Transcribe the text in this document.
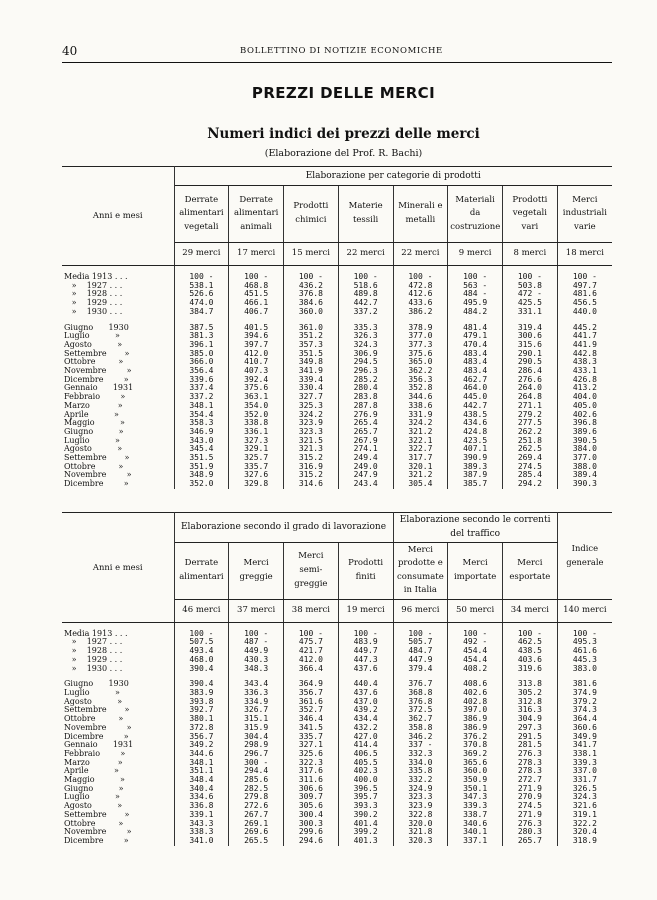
40	BOLLETTINO DI NOTIZIE ECONOMICHE
PREZZI DELLE MERCI
Numeri indici dei prezzi delle merci
(Elaborazione del Prof. R. Bachi)
Anni e mesi	Elaborazione per categorie di prodotti							
	Derrate alimentari vegetali	Derrate alimentari animali	Prodotti chimici	Materie tessili	Minerali e metalli	Materiali da costruzione	Prodotti vegetali vari	Merci industriali varie
	29 merci	17 merci	15 merci	22 merci	22 merci	9 merci	8 merci	18 merci

Media 1913 . . .	100 -	100 -	100 -	100 -	100 -	100 -	100 -	100 -
»    1927 . . .	538.1	468.8	436.2	518.6	472.8	563 -	503.8	497.7
»    1928 . . .	526.6	451.5	376.8	489.8	412.6	484 -	472 -	481.6
»    1929 . . .	474.0	466.1	384.6	442.7	433.6	495.9	425.5	456.5
»    1930 . . .	384.7	406.7	360.0	337.2	386.2	484.2	331.1	440.0

Giugno      1930	387.5	401.5	361.0	335.3	378.9	481.4	319.4	445.2
Luglio          »	381.3	394.6	351.2	326.3	377.0	479.1	300.6	441.7
Agosto          »	396.1	397.7	357.3	324.3	377.3	470.4	315.6	441.9
Settembre       »	385.0	412.0	351.5	306.9	375.6	483.4	290.1	442.8
Ottobre         »	366.0	410.7	349.8	294.5	365.0	483.4	290.5	438.3
Novembre        »	356.4	407.3	341.9	296.3	362.2	483.4	286.4	433.1
Dicembre        »	339.6	392.4	339.4	285.2	356.3	462.7	276.6	426.8
Gennaio      1931	337.4	375.6	330.4	280.4	352.8	464.0	264.0	413.2
Febbraio        »	337.2	363.1	327.7	283.8	344.6	445.0	264.8	404.0
Marzo           »	348.1	354.0	325.3	287.8	338.6	442.7	271.1	405.0
Aprile          »	354.4	352.0	324.2	276.9	331.9	438.5	279.2	402.6
Maggio          »	358.3	338.8	323.9	265.4	324.2	434.6	277.5	396.8
Giugno          »	346.9	336.1	323.3	265.7	321.2	424.8	262.2	389.6
Luglio          »	343.0	327.3	321.5	267.9	322.1	423.5	251.8	390.5
Agosto          »	345.4	329.1	321.3	274.1	322.7	407.1	262.5	384.0
Settembre       »	351.5	325.7	315.2	249.4	317.7	390.9	269.4	377.0
Ottobre         »	351.9	335.7	316.9	249.0	320.1	389.3	274.5	388.0
Novembre        »	348.9	327.6	315.2	247.9	321.2	387.9	285.4	389.4
Dicembre        »	352.0	329.8	314.6	243.4	305.4	385.7	294.2	390.3
Anni e mesi	Elaborazione secondo il grado di lavorazione				Elaborazione secondo le correnti del traffico			Indice generale
	Derrate alimentari	Merci greggie	Merci semi- greggie	Prodotti finiti	Merci prodotte e consumate in Italia	Merci importate	Merci esportate	
	46 merci	37 merci	38 merci	19 merci	96 merci	50 merci	34 merci	140 merci

Media 1913 . . .	100 -	100 -	100 -	100 -	100 -	100 -	100 -	100 -
»    1927 . . .	507.5	487 -	475.7	483.9	505.7	492 -	462.5	495.3
»    1928 . . .	493.4	449.9	421.7	449.7	484.7	454.4	438.5	461.6
»    1929 . . .	468.0	430.3	412.0	447.3	447.9	454.4	403.6	445.3
»    1930 . . .	390.4	348.3	366.4	437.6	379.4	408.2	319.6	383.0

Giugno      1930	390.4	343.4	364.9	440.4	376.7	408.6	313.8	381.6
Luglio          »	383.9	336.3	356.7	437.6	368.8	402.6	305.2	374.9
Agosto          »	393.8	334.9	361.6	437.0	376.8	402.8	312.8	379.2
Settembre       »	392.7	326.7	352.7	439.2	372.5	397.0	316.3	374.3
Ottobre         »	380.1	315.1	346.4	434.4	362.7	386.9	304.9	364.4
Novembre        »	372.8	315.9	341.5	432.2	358.8	386.9	297.3	360.6
Dicembre        »	356.7	304.4	335.7	427.0	346.2	376.2	291.5	349.9
Gennaio      1931	349.2	298.9	327.1	414.4	337 -	370.8	281.5	341.7
Febbraio        »	344.6	296.7	325.6	406.5	332.3	369.2	276.3	338.1
Marzo           »	348.1	300 -	322.3	405.5	334.0	365.6	278.3	339.3
Aprile          »	351.1	294.4	317.6	402.3	335.8	360.0	278.3	337.0
Maggio          »	348.4	285.6	311.6	400.0	332.2	350.9	272.7	331.7
Giugno          »	340.4	282.5	306.6	396.5	324.9	350.1	271.9	326.5
Luglio          »	334.6	279.8	309.7	395.7	323.3	347.3	270.9	324.3
Agosto          »	336.8	272.6	305.6	393.3	323.9	339.3	274.5	321.6
Settembre       »	339.1	267.7	300.4	390.2	322.8	338.7	271.9	319.1
Ottobre         »	343.3	269.1	300.3	401.4	320.0	340.6	276.3	322.2
Novembre        »	338.3	269.6	299.6	399.2	321.8	340.1	280.3	320.4
Dicembre        »	341.0	265.5	294.6	401.3	320.3	337.1	265.7	318.9
